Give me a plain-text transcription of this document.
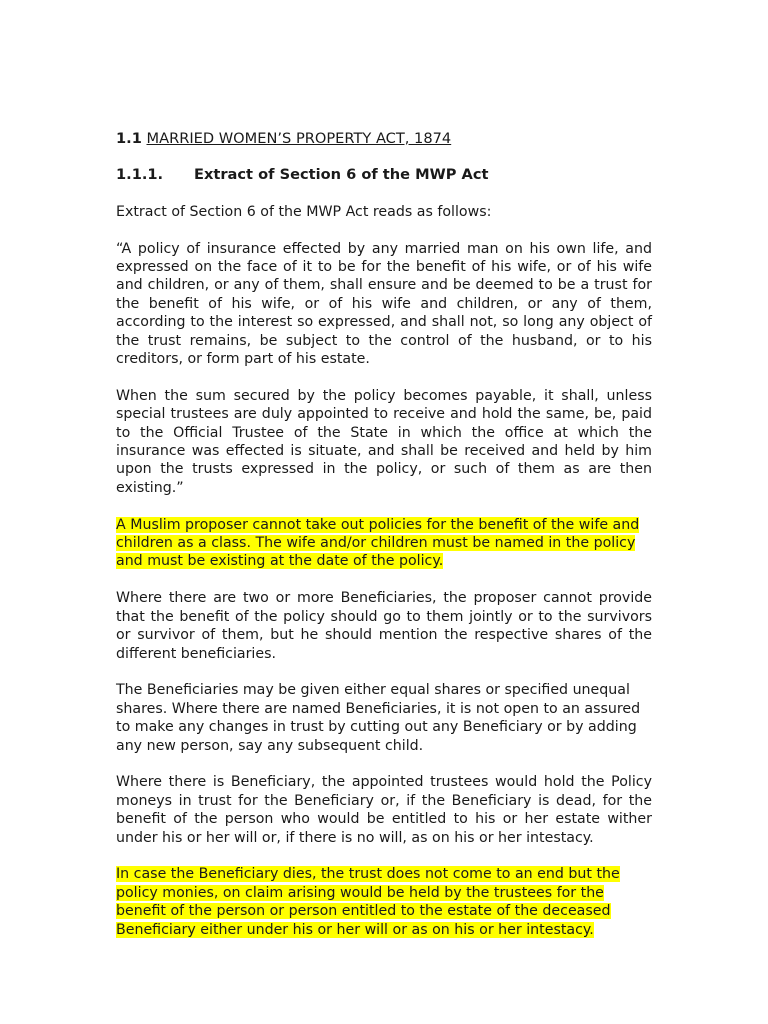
1.1 MARRIED WOMEN’S PROPERTY ACT, 1874
1.1.1. Extract of Section 6 of the MWP Act

Extract of Section 6 of the MWP Act reads as follows:

“A policy of insurance effected by any married man on his own life, and expressed on the face of it to be for the benefit of his wife, or of his wife and children, or any of them, shall ensure and be deemed to be a trust for the benefit of his wife, or of his wife and children, or any of them, according to the interest so expressed, and shall not, so long any object of the trust remains, be subject to the control of the husband, or to his creditors, or form part of his estate.

When the sum secured by the policy becomes payable, it shall, unless special trustees are duly appointed to receive and hold the same, be, paid to the Official Trustee of the State in which the office at which the insurance was effected is situate, and shall be received and held by him upon the trusts expressed in the policy, or such of them as are then existing.”

A Muslim proposer cannot take out policies for the benefit of the wife and children as a class. The wife and/or children must be named in the policy and must be existing at the date of the policy.

Where there are two or more Beneficiaries, the proposer cannot provide that the benefit of the policy should go to them jointly or to the survivors or survivor of them, but he should mention the respective shares of the different beneficiaries.

The Beneficiaries may be given either equal shares or specified unequal shares. Where there are named Beneficiaries, it is not open to an assured to make any changes in trust by cutting out any Beneficiary or by adding any new person, say any subsequent child.

Where there is Beneficiary, the appointed trustees would hold the Policy moneys in trust for the Beneficiary or, if the Beneficiary is dead, for the benefit of the person who would be entitled to his or her estate wither under his or her will or, if there is no will, as on his or her intestacy.

In case the Beneficiary dies, the trust does not come to an end but the policy monies, on claim arising would be held by the trustees for the benefit of the person or person entitled to the estate of the deceased Beneficiary either under his or her will or as on his or her intestacy.
